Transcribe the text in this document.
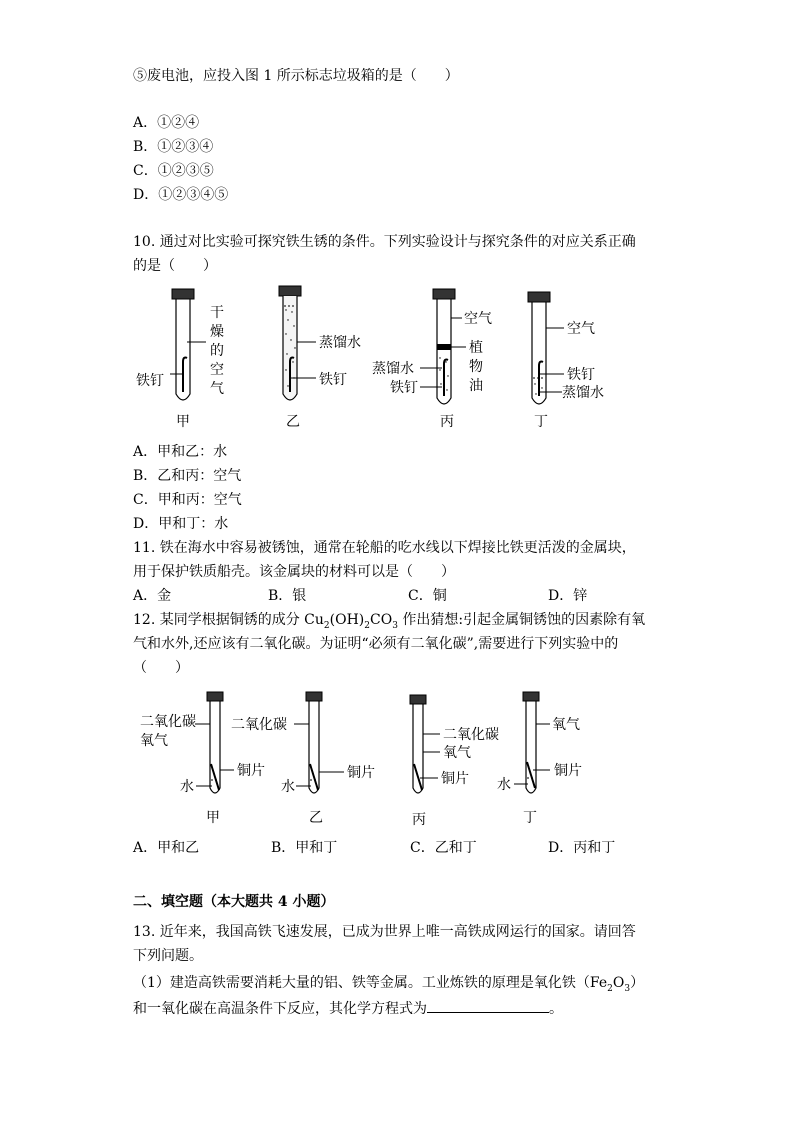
⑤废电池，应投入图 1 所示标志垃圾箱的是（　　）
A．①②④
B．①②③④
C．①②③⑤
D．①②③④⑤
10. 通过对比实验可探究铁生锈的条件。下列实验设计与探究条件的对应关系正确
的是（　　）
铁钉
干
燥
的
空
气
甲
蒸馏水
铁钉
乙
空气
植
物
油
蒸馏水
铁钉
丙
空气
铁钉
蒸馏水
丁
A．甲和乙：水
B．乙和丙：空气
C．甲和丙：空气
D．甲和丁：水
11. 铁在海水中容易被锈蚀，通常在轮船的吃水线以下焊接比铁更活泼的金属块，
用于保护铁质船壳。该金属块的材料可以是（　　）
A．金	B．银	C．铜	D．锌
12. 某同学根据铜锈的成分 $Cu_2(OH)_2CO_3$ 作出猜想:引起金属铜锈蚀的因素除有氧
气和水外,还应该有二氧化碳。为证明“必须有二氧化碳”,需要进行下列实验中的
（　　）
二氧化碳
氧气
铜片
水
甲
二氧化碳
铜片
水
乙
二氧化碳
氧气
铜片
丙
氧气
铜片
水
丁
A．甲和乙	B．甲和丁	C．乙和丁	D．丙和丁
二、填空题（本大题共 4 小题）
13. 近年来，我国高铁飞速发展，已成为世界上唯一高铁成网运行的国家。请回答
下列问题。
（1）建造高铁需要消耗大量的铝、铁等金属。工业炼铁的原理是氧化铁$(Fe_2O_3)$
和一氧化碳在高温条件下反应，其化学方程式为	。
